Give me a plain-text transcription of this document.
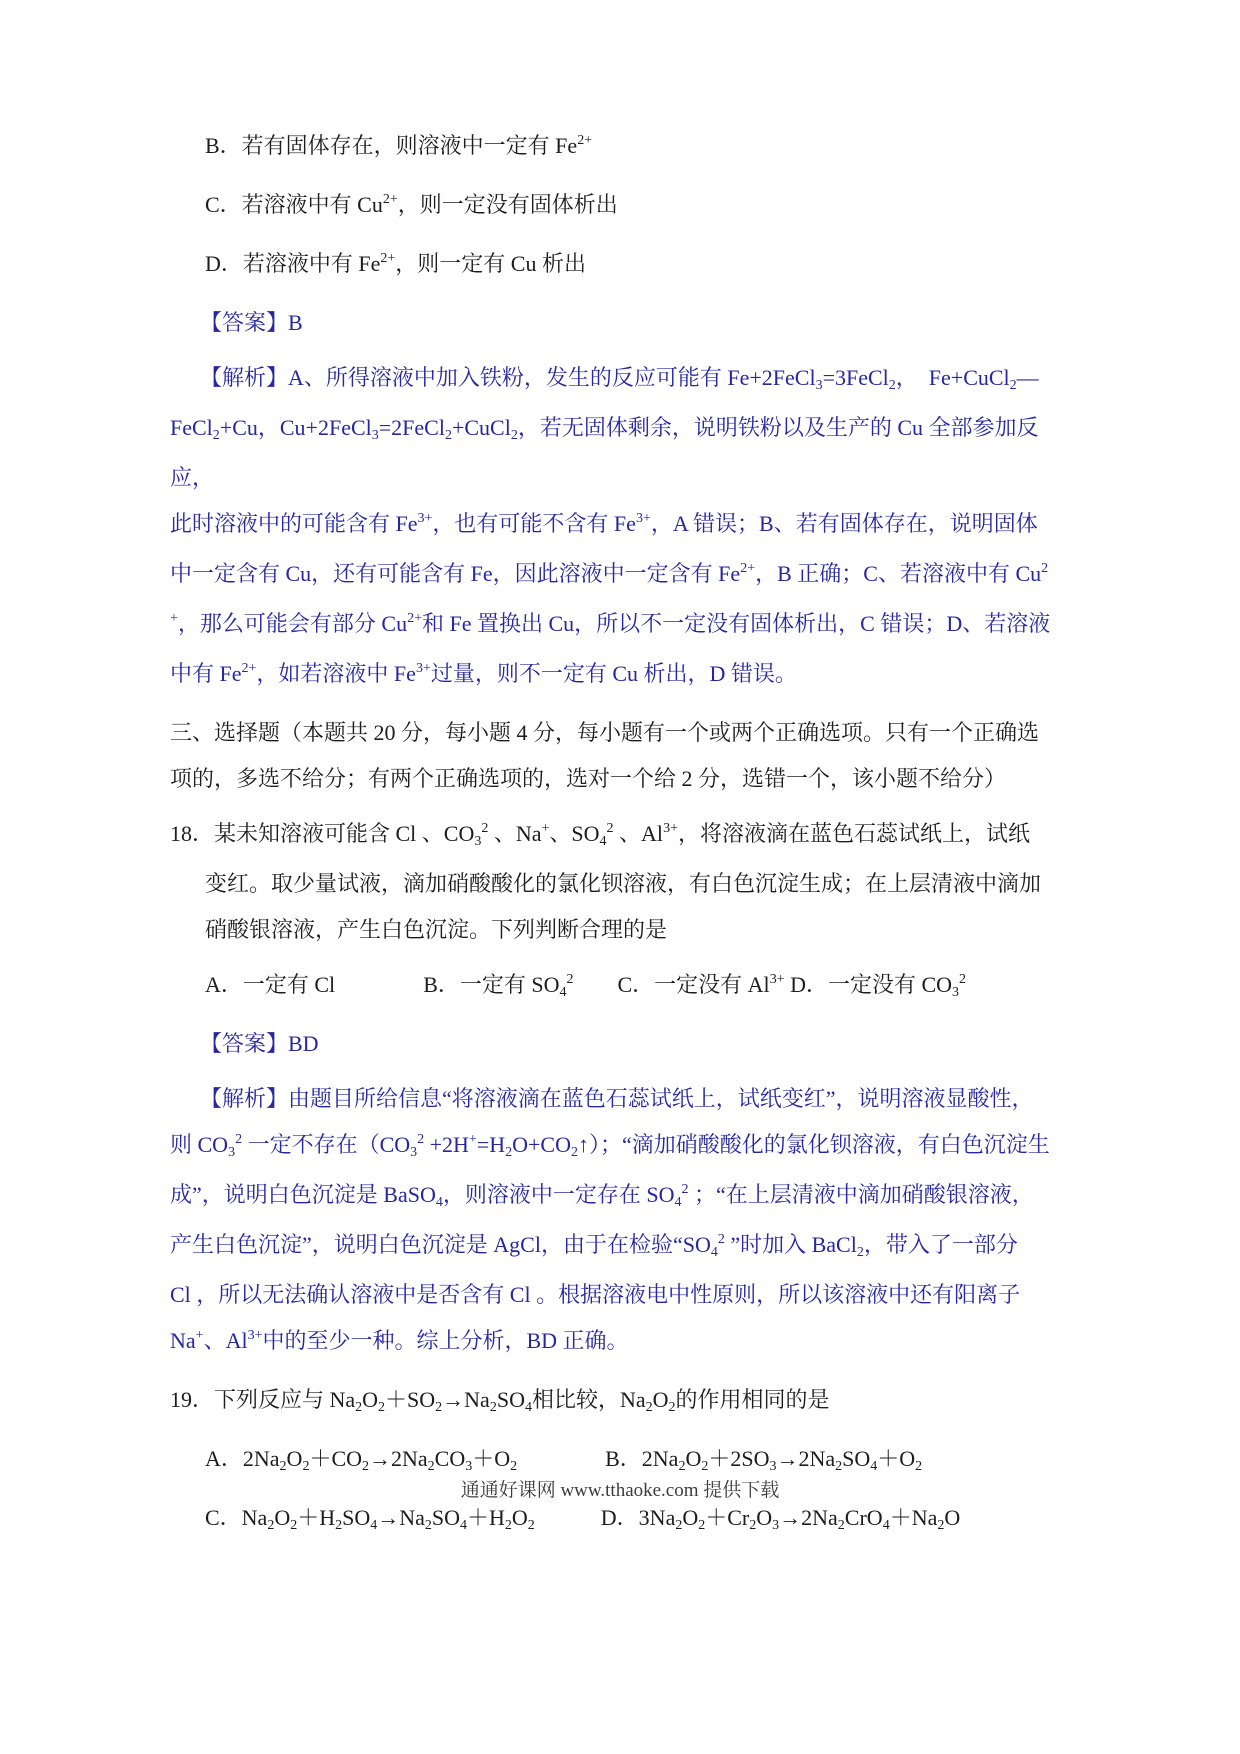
B．若有固体存在，则溶液中一定有 $Fe^{2+}$
C．若溶液中有 $Cu^{2+}$，则一定没有固体析出
D．若溶液中有 $Fe^{2+}$，则一定有 Cu 析出
【答案】B
【解析】A、所得溶液中加入铁粉，发生的反应可能有 Fe+2FeCl3=3FeCl2，  Fe+CuCl2—
FeCl2+Cu，Cu+2FeCl3=2FeCl2+CuCl2，若无固体剩余，说明铁粉以及生产的 Cu 全部参加反应，
此时溶液中的可能含有 $Fe^{3+}$，也有可能不含有 $Fe^{3+}$，A 错误；B、若有固体存在，说明固体
中一定含有 Cu，还有可能含有 Fe，因此溶液中一定含有 $Fe^{2+}$，B 正确；C、若溶液中有 Cu$^2$
+，那么可能会有部分 $Cu^{2+}$和 Fe 置换出 Cu，所以不一定没有固体析出，C 错误；D、若溶液
中有 $Fe^{2+}$，如若溶液中 $Fe^{3+}$过量，则不一定有 Cu 析出，D 错误。
三、选择题（本题共 20 分，每小题 4 分，每小题有一个或两个正确选项。只有一个正确选
项的，多选不给分；有两个正确选项的，选对一个给 2 分，选错一个，该小题不给分）
18．某未知溶液可能含 Cl 、$CO3^2$ 、Na+、$SO4^2$ 、$Al^{3+}$，将溶液滴在蓝色石蕊试纸上，试纸
变红。取少量试液，滴加硝酸酸化的氯化钡溶液，有白色沉淀生成；在上层清液中滴加
硝酸银溶液，产生白色沉淀。下列判断合理的是
A．一定有 Cl　　　　B．一定有 $SO4^2$　　C．一定没有 $Al^{3+}$ D．一定没有 $CO3^2$
【答案】BD
【解析】由题目所给信息“将溶液滴在蓝色石蕊试纸上，试纸变红”，说明溶液显酸性，
则 $CO3^2$ 一定不存在（$CO3^2$ +2H+=H2O+CO2↑）；“滴加硝酸酸化的氯化钡溶液，有白色沉淀生
成”，说明白色沉淀是 BaSO4，则溶液中一定存在 $SO4^2$ ；“在上层清液中滴加硝酸银溶液，
产生白色沉淀”，说明白色沉淀是 AgCl，由于在检验“$SO4^2$ ”时加入 BaCl2，带入了一部分
Cl ，所以无法确认溶液中是否含有 Cl 。根据溶液电中性原则，所以该溶液中还有阳离子
Na+、$Al^{3+}$中的至少一种。综上分析，BD 正确。
19．下列反应与 Na2O2＋SO2→Na2SO4相比较，Na2O2的作用相同的是
A．2Na2O2＋CO2→2Na2CO3＋O2　　　　B．2Na2O2＋2SO3→2Na2SO4＋O2
C．Na2O2＋H2SO4→Na2SO4＋H2O2　　　D．3Na2O2＋Cr2O3→2Na2CrO4＋Na2O
通通好课网 www.tthaoke.com 提供下载
